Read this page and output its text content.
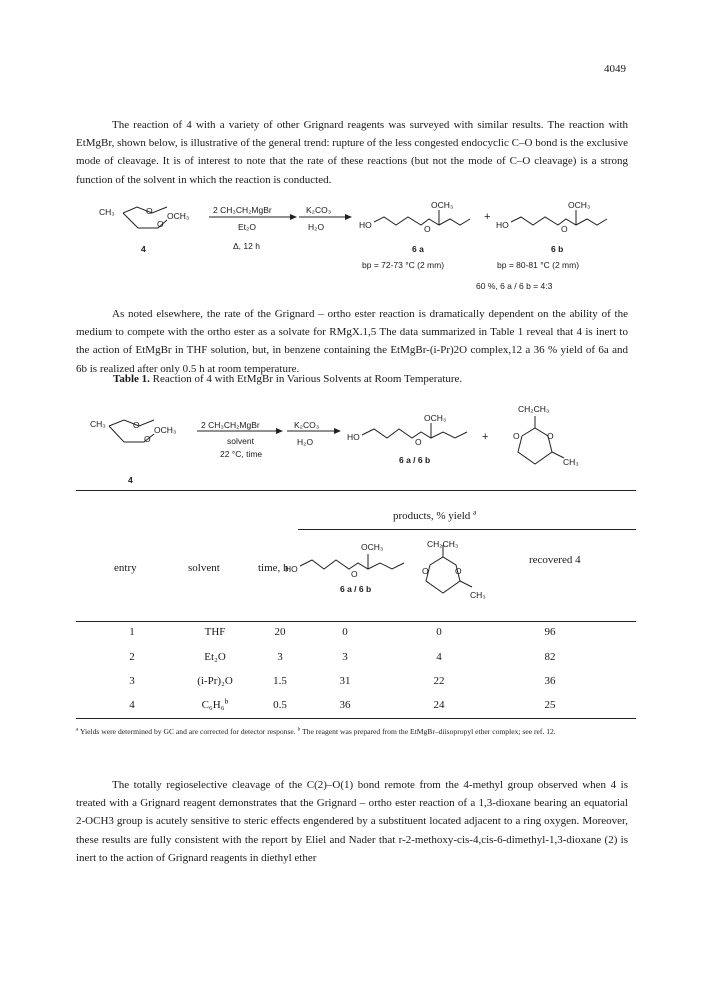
4049

The reaction of 4 with a variety of other Grignard reagents was surveyed with similar results. The reaction with EtMgBr, shown below, is illustrative of the general trend: rupture of the less congested endocyclic C–O bond is the exclusive mode of cleavage. It is of interest to note that the rate of these reactions (but not the mode of C–O cleavage) is a strong function of the solvent in which the reaction is conducted.

CH₃	OCH₃
O
O
4
2 CH₃CH₂MgBr
Et₂O
Δ, 12 h
K₂CO₃
H₂O	HO	O
OCH₃
+
6 a
bp = 72-73 °C (2 mm)
HO	O
OCH₃
6 b
bp = 80-81 °C (2 mm)
60 %, 6 a / 6 b = 4:3

As noted elsewhere, the rate of the Grignard – ortho ester reaction is dramatically dependent on the ability of the medium to compete with the ortho ester as a solvate for RMgX.1,5 The data summarized in Table 1 reveal that 4 is inert to the action of EtMgBr in THF solution, but, in benzene containing the EtMgBr-(i-Pr)2O complex,12 a 36 % yield of 6a and 6b is realized after only 0.5 h at room temperature.

Table 1. Reaction of 4 with EtMgBr in Various Solvents at Room Temperature.
CH₃
OCH₃
O
O
4
2 CH₃CH₂MgBr
solvent
22 °C, time
K₂CO₃
H₂O	HO	O
OCH₃
6 a / 6 b
+
CH₂CH₃
O	O
CH₃
products, % yield $^a$
entry	solvent	time, h
recovered 4
HO	O
OCH₃
6 a / 6 b
CH₂CH₃
O	O
CH₃
1	THF	20	0	0	96
2	Et₂O	3	3	4	82
3	(i-Pr)₂O	1.5	31	22	36
4	C₆H₆$^b$	0.5	36	24	25
$^a$ Yields were determined by GC and are corrected for detector response. $^b$ The reagent was prepared from the EtMgBr–diisopropyl ether complex; see ref. 12.

The totally regioselective cleavage of the C(2)–O(1) bond remote from the 4-methyl group observed when 4 is treated with a Grignard reagent demonstrates that the Grignard – ortho ester reaction of a 1,3-dioxane bearing an equatorial 2-OCH3 group is acutely sensitive to steric effects engendered by a substituent located adjacent to a ring oxygen. Moreover, these results are fully consistent with the report by Eliel and Nader that r-2-methoxy-cis-4,cis-6-dimethyl-1,3-dioxane (2) is inert to the action of Grignard reagents in diethyl ether
